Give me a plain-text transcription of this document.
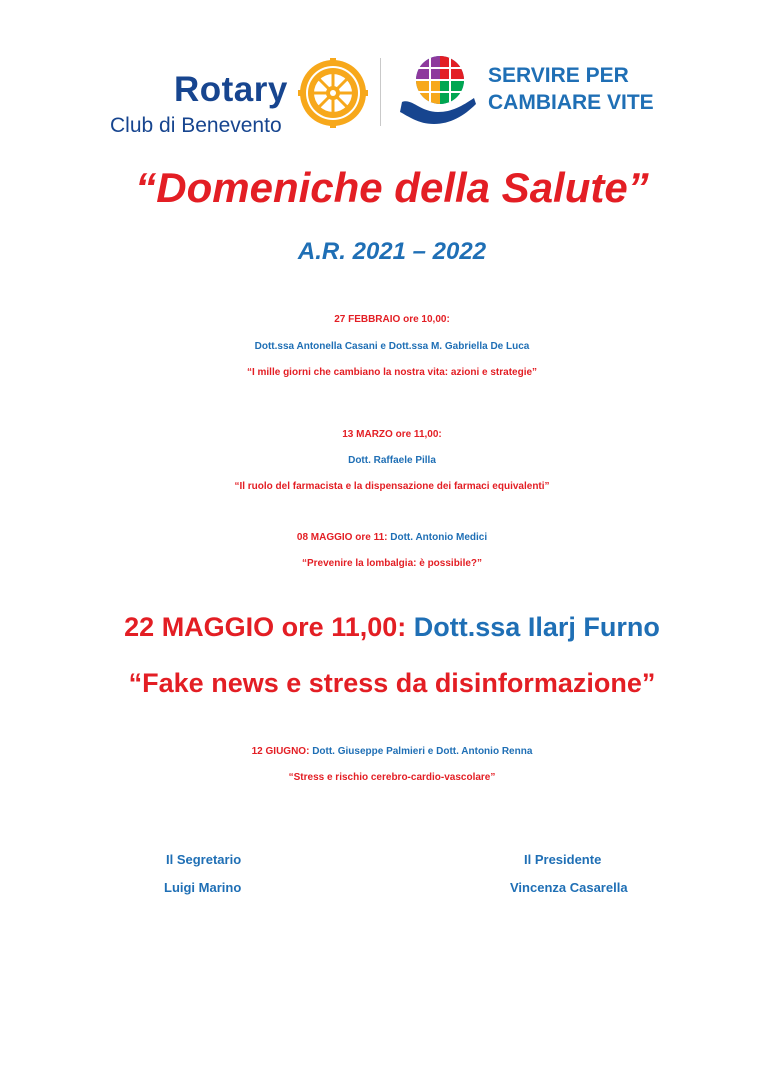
Rotary
Club di Benevento
SERVIRE PER
CAMBIARE VITE
“Domeniche della Salute”
A.R. 2021 – 2022
27 FEBBRAIO ore 10,00:
Dott.ssa Antonella Casani e Dott.ssa M. Gabriella De Luca
“I mille giorni che cambiano la nostra vita: azioni e strategie”
13 MARZO ore 11,00:
Dott. Raffaele Pilla
“Il ruolo del farmacista e la dispensazione dei farmaci equivalenti”
08 MAGGIO ore 11: Dott. Antonio Medici
“Prevenire la lombalgia: è possibile?”
22 MAGGIO ore 11,00: Dott.ssa Ilarj Furno
“Fake news e stress da disinformazione”
12 GIUGNO: Dott. Giuseppe Palmieri e Dott. Antonio Renna
“Stress e rischio cerebro-cardio-vascolare”
Il Segretario
Luigi Marino
Il Presidente
Vincenza Casarella
